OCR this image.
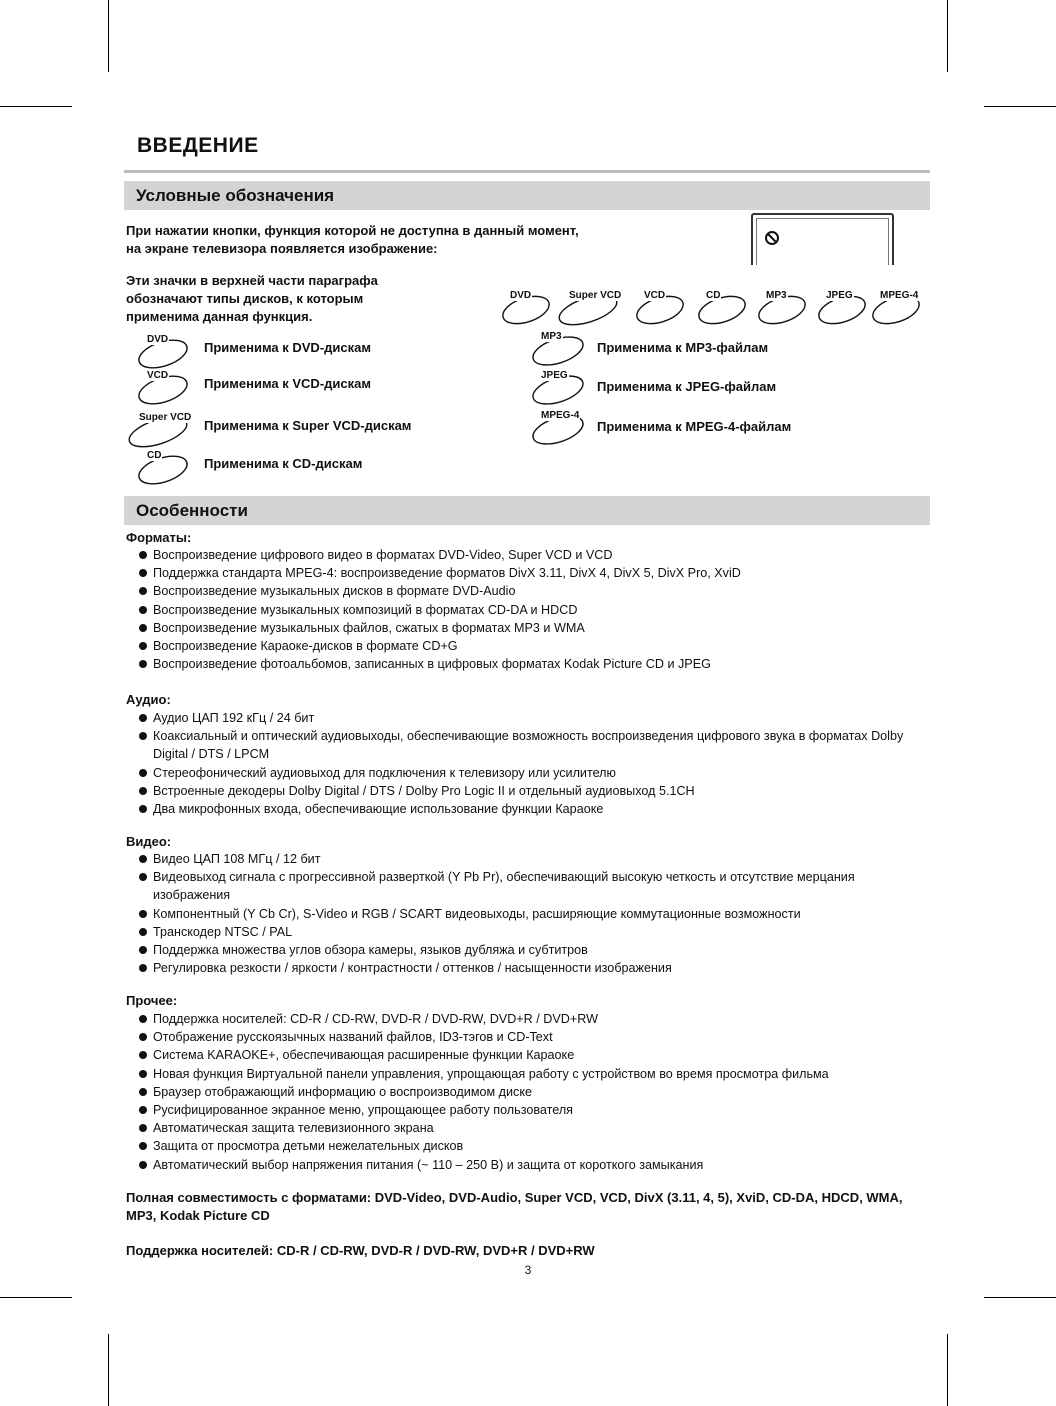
ВВЕДЕНИЕ
Условные обозначения
При нажатии кнопки, функция которой не доступна в данный момент,
на экране телевизора появляется изображение:
Эти значки в верхней части параграфа
обозначают типы дисков, к которым
применима данная функция.
DVD	Super VCD VCD	CD	MP3	JPEG	MPEG-4
DVD
Применима к DVD-дискам
VCD
Применима к VCD-дискам
Super VCD
Применима к Super VCD-дискам
CD
Применима к CD-дискам
MP3
Применима к MP3-файлам
JPEG
Применима к JPEG-файлам
MPEG-4
Применима к MPEG-4-файлам
Особенности
Форматы:
Воспроизведение цифрового видео в форматах DVD-Video, Super VCD и VCD
Поддержка стандарта MPEG-4: воспроизведение форматов DivX 3.11, DivX 4, DivX 5, DivX Pro, XviD
Воспроизведение музыкальных дисков в формате DVD-Audio
Воспроизведение музыкальных композиций в форматах CD-DA и HDCD
Воспроизведение музыкальных файлов, сжатых в форматах MP3 и WMA
Воспроизведение Караоке-дисков в формате CD+G
Воспроизведение фотоальбомов, записанных в цифровых форматах Kodak Picture CD и JPEG
Аудио:
Аудио ЦАП 192 кГц / 24 бит
Коаксиальный и оптический аудиовыходы, обеспечивающие возможность воспроизведения цифрового звука в форматах Dolby Digital / DTS / LPCM
Стереофонический аудиовыход для подключения к телевизору или усилителю
Встроенные декодеры Dolby Digital / DTS / Dolby Pro Logic II и отдельный аудиовыход 5.1CH
Два микрофонных входа, обеспечивающие использование функции Караоке
Видео:
Видео ЦАП 108 МГц / 12 бит
Видеовыход сигнала с прогрессивной разверткой (Y Pb Pr), обеспечивающий высокую четкость и отсутствие мерцания изображения
Компонентный (Y Cb Cr), S-Video и RGB / SCART видеовыходы, расширяющие коммутационные возможности
Транскодер NTSC / PAL
Поддержка множества углов обзора камеры, языков дубляжа и субтитров
Регулировка резкости / яркости / контрастности / оттенков / насыщенности изображения
Прочее:
Поддержка носителей: CD-R / CD-RW, DVD-R / DVD-RW, DVD+R / DVD+RW
Отображение русскоязычных названий файлов, ID3-тэгов и CD-Text
Система KARAOKE+, обеспечивающая расширенные функции Караоке
Новая функция Виртуальной панели управления, упрощающая работу с устройством во время просмотра фильма
Браузер отображающий информацию о воспроизводимом диске
Русифицированное экранное меню, упрощающее работу пользователя
Автоматическая защита телевизионного экрана
Защита от просмотра детьми нежелательных дисков
Автоматический выбор напряжения питания (~ 110 – 250 В) и защита от короткого замыкания
Полная совместимость с форматами: DVD-Video, DVD-Audio, Super VCD, VCD, DivX (3.11, 4, 5), XviD, CD-DA, HDCD, WMA, MP3, Kodak Picture CD
Поддержка носителей: CD-R / CD-RW, DVD-R / DVD-RW, DVD+R / DVD+RW
3
